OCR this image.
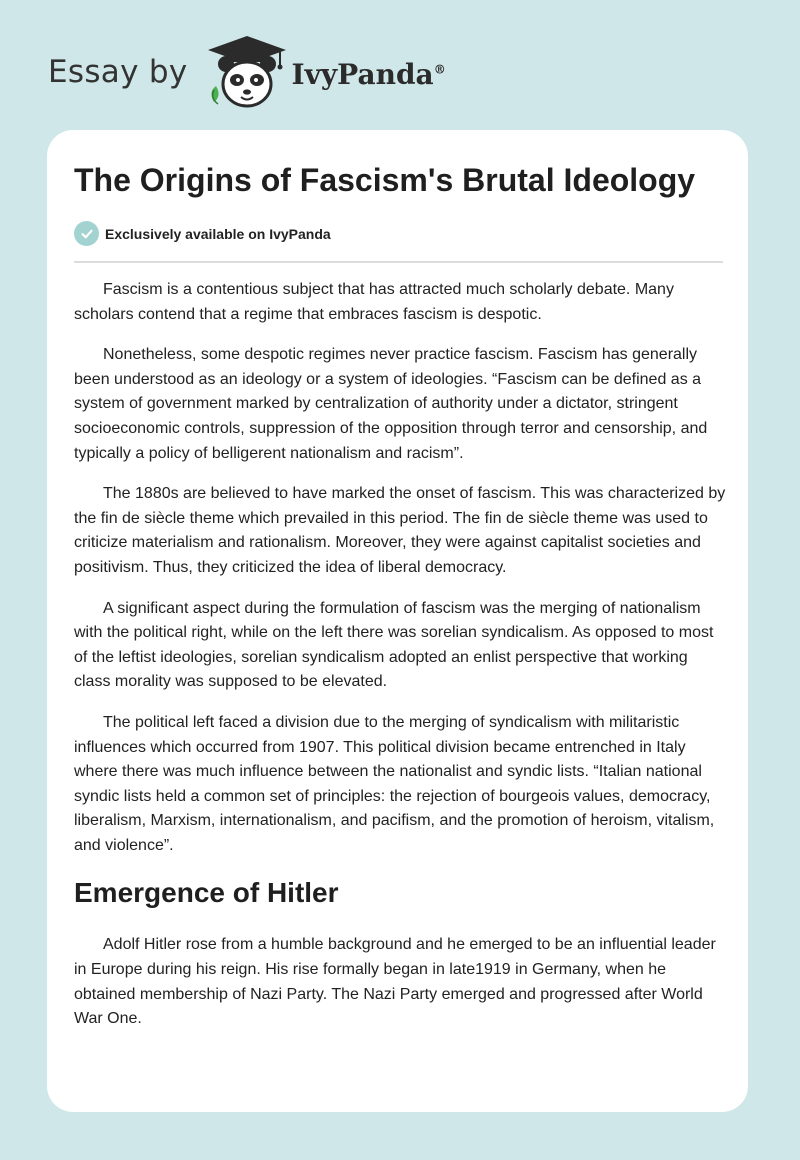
Essay by	IvyPanda®
The Origins of Fascism's Brutal Ideology
Exclusively available on IvyPanda

Fascism is a contentious subject that has attracted much scholarly debate. Many scholars contend that a regime that embraces fascism is despotic.

Nonetheless, some despotic regimes never practice fascism. Fascism has generally been understood as an ideology or a system of ideologies. “Fascism can be defined as a system of government marked by centralization of authority under a dictator, stringent socioeconomic controls, suppression of the opposition through terror and censorship, and typically a policy of belligerent nationalism and racism”.

The 1880s are believed to have marked the onset of fascism. This was characterized by the fin de siècle theme which prevailed in this period. The fin de siècle theme was used to criticize materialism and rationalism. Moreover, they were against capitalist societies and positivism. Thus, they criticized the idea of liberal democracy.

A significant aspect during the formulation of fascism was the merging of nationalism with the political right, while on the left there was sorelian syndicalism. As opposed to most of the leftist ideologies, sorelian syndicalism adopted an enlist perspective that working class morality was supposed to be elevated.

The political left faced a division due to the merging of syndicalism with militaristic influences which occurred from 1907. This political division became entrenched in Italy where there was much influence between the nationalist and syndic lists. “Italian national syndic lists held a common set of principles: the rejection of bourgeois values, democracy, liberalism, Marxism, internationalism, and pacifism, and the promotion of heroism, vitalism, and violence”.

Emergence of Hitler

Adolf Hitler rose from a humble background and he emerged to be an influential leader in Europe during his reign. His rise formally began in late1919 in Germany, when he obtained membership of Nazi Party. The Nazi Party emerged and progressed after World War One.
